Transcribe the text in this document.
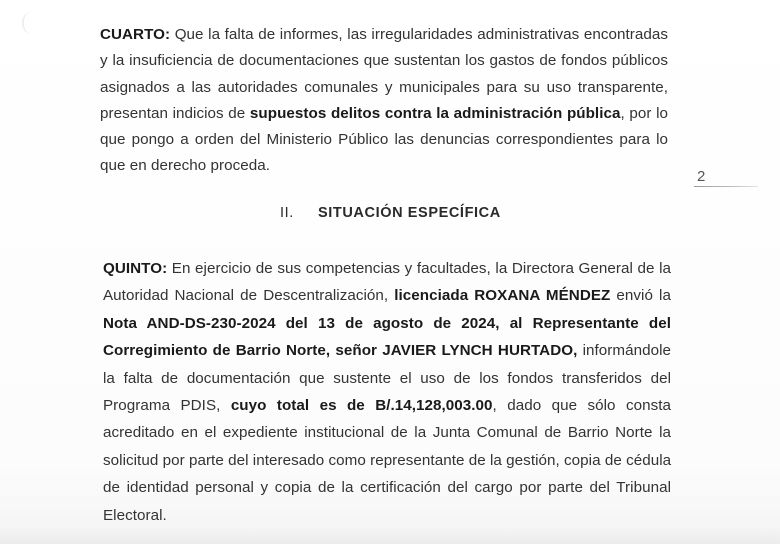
CUARTO: Que la falta de informes, las irregularidades administrativas encontradas
y la insuficiencia de documentaciones que sustentan los gastos de fondos públicos
asignados a las autoridades comunales y municipales para su uso transparente,
presentan indicios de supuestos delitos contra la administración pública, por lo
que pongo a orden del Ministerio Público las denuncias correspondientes para lo
que en derecho proceda.
2
II. SITUACIÓN ESPECÍFICA
QUINTO: En ejercicio de sus competencias y facultades, la Directora General de la
Autoridad Nacional de Descentralización, licenciada ROXANA MÉNDEZ envió la
Nota AND-DS-230-2024 del 13 de agosto de 2024, al Representante del
Corregimiento de Barrio Norte, señor JAVIER LYNCH HURTADO, informándole
la falta de documentación que sustente el uso de los fondos transferidos del
Programa PDIS, cuyo total es de B/.14,128,003.00, dado que sólo consta
acreditado en el expediente institucional de la Junta Comunal de Barrio Norte la
solicitud por parte del interesado como representante de la gestión, copia de cédula
de identidad personal y copia de la certificación del cargo por parte del Tribunal
Electoral.
